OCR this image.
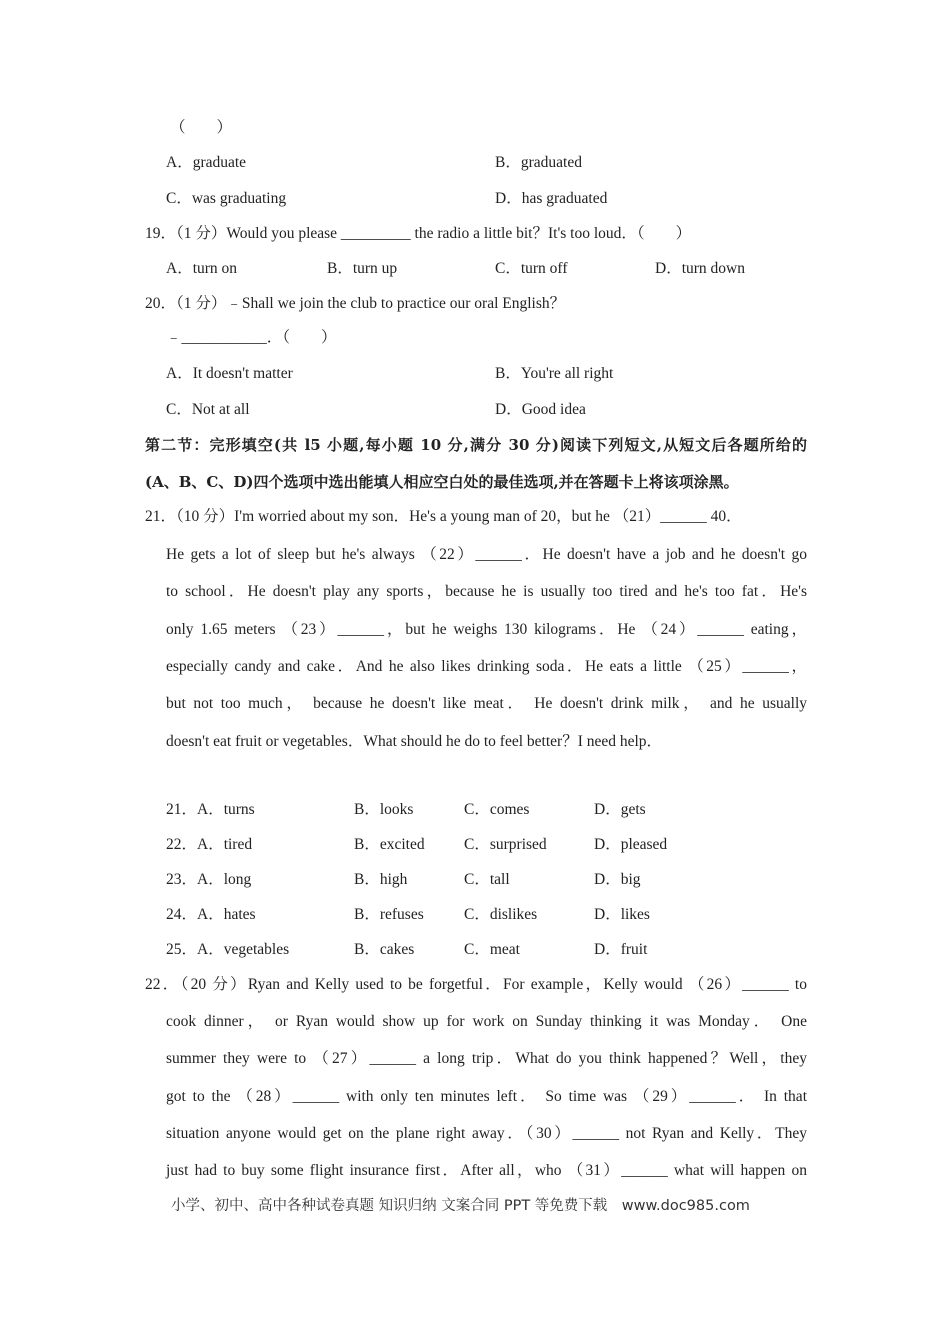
（　　）
A．graduate	B．graduated
C．was graduating	D．has graduated
19．（1 分）Would you please _________ the radio a little bit？It's too loud．（　　）
A．turn on	B．turn up	C．turn off	D．turn down
20．（1 分）﹣Shall we join the club to practice our oral English？
﹣___________．（　　）
A．It doesn't matter	B．You're all right
C．Not at all	D．Good idea
第二节：完形填空(共 l5 小题,每小题 10 分,满分 30 分)阅读下列短文,从短文后各题所给的
(A、B、C、D)四个选项中选出能填人相应空白处的最佳选项,并在答题卡上将该项涂黑。
21．（10 分）I'm worried about my son．He's a young man of 20，but he （21）______ 40．
He gets a lot of sleep but he's always （22）______．He doesn't have a job and he doesn't go
to school．He doesn't play any sports，because he is usually too tired and he's too fat．He's
only 1.65 meters （23）______，but he weighs 130 kilograms．He （24）______ eating，
especially candy and cake．And he also likes drinking soda．He eats a little （25）______，
but not too much， because he doesn't like meat． He doesn't drink milk， and he usually
doesn't eat fruit or vegetables．What should he do to feel better？I need help．
21．A．turns	B．looks	C．comes	D．gets
22．A．tired	B．excited	C．surprised	D．pleased
23．A．long	B．high	C．tall	D．big
24．A．hates	B．refuses	C．dislikes	D．likes
25．A．vegetables	B．cakes	C．meat	D．fruit
22．（20 分）Ryan and Kelly used to be forgetful．For example，Kelly would （26）______ to
cook dinner， or Ryan would show up for work on Sunday thinking it was Monday． One
summer they were to （27）______ a long trip．What do you think happened？Well，they
got to the （28）______ with only ten minutes left． So time was （29）______． In that
situation anyone would get on the plane right away．（30）______ not Ryan and Kelly．They
just had to buy some flight insurance first．After all，who （31）______ what will happen on
小学、初中、高中各种试卷真题 知识归纳 文案合同 PPT 等免费下载　www.doc985.com
